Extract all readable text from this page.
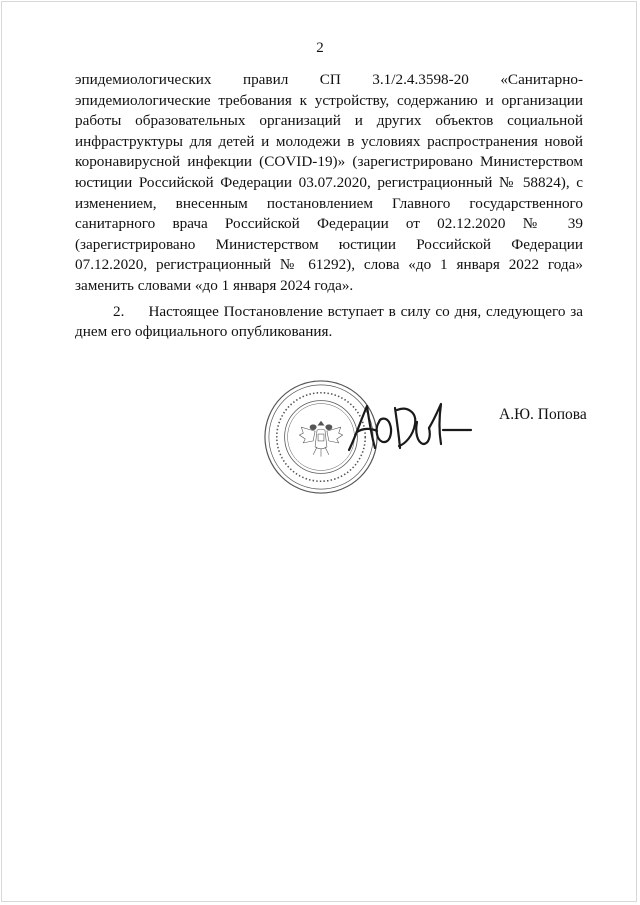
2

эпидемиологических правил СП 3.1/2.4.3598-20 «Санитарно-эпидемиологические требования к устройству, содержанию и организации работы образовательных организаций и других объектов социальной инфраструктуры для детей и молодежи в условиях распространения новой коронавирусной инфекции (COVID-19)» (зарегистрировано Министерством юстиции Российской Федерации 03.07.2020, регистрационный № 58824), с изменением, внесенным постановлением Главного государственного санитарного врача Российской Федерации от 02.12.2020 № 39 (зарегистрировано Министерством юстиции Российской Федерации 07.12.2020, регистрационный № 61292), слова «до 1 января 2022 года» заменить словами «до 1 января 2024 года».

2.     Настоящее Постановление вступает в силу со дня, следующего за днем его официального опубликования.

А.Ю. Попова
